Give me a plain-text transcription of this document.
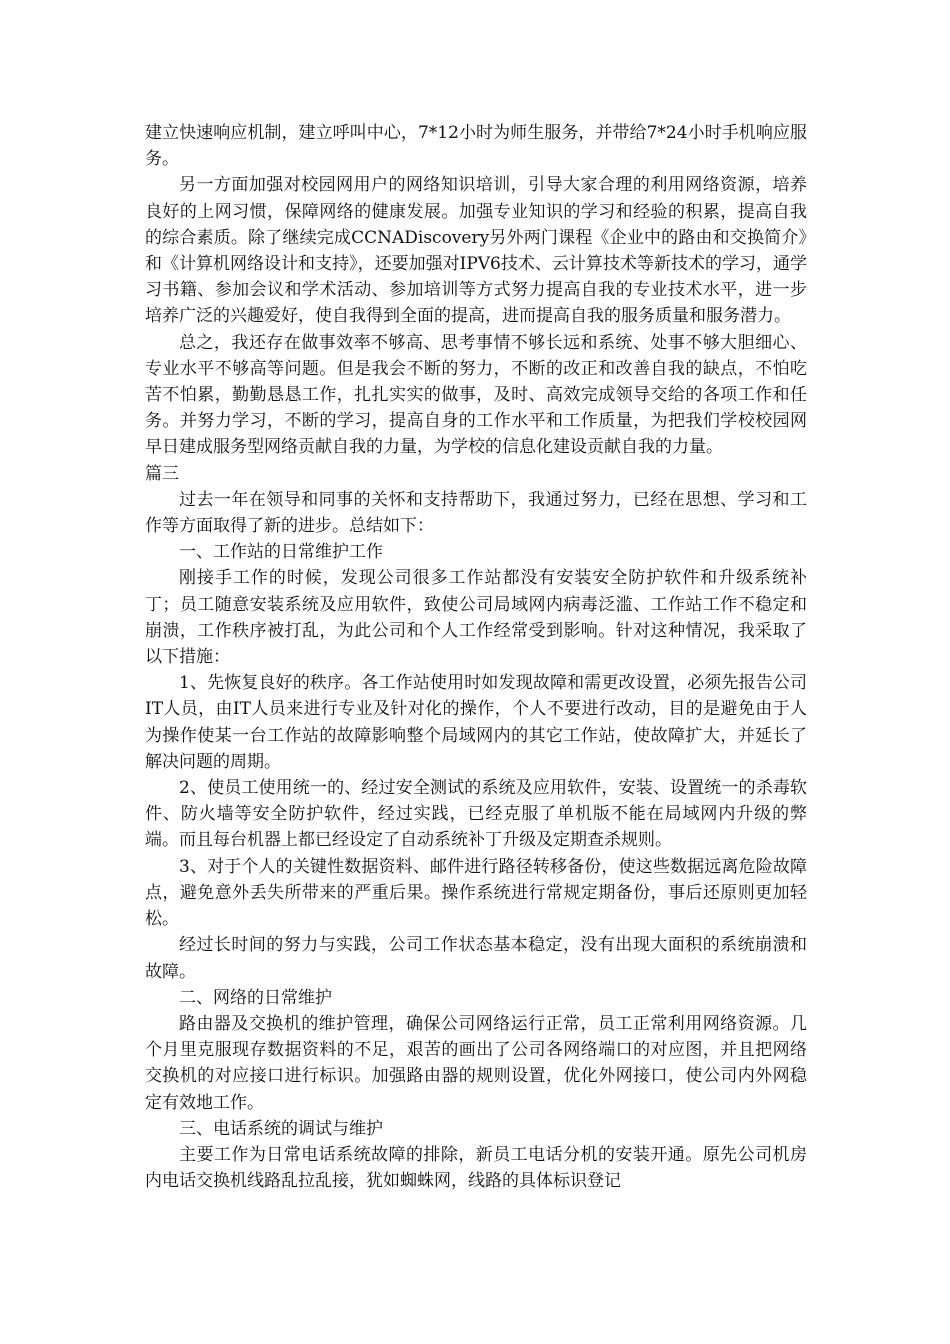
建立快速响应机制，建立呼叫中心，7*12小时为师生服务，并带给7*24小时手机响应服务。

另一方面加强对校园网用户的网络知识培训，引导大家合理的利用网络资源，培养良好的上网习惯，保障网络的健康发展。加强专业知识的学习和经验的积累，提高自我的综合素质。除了继续完成CCNADiscovery另外两门课程《企业中的路由和交换简介》和《计算机网络设计和支持》，还要加强对IPV6技术、云计算技术等新技术的学习，通学习书籍、参加会议和学术活动、参加培训等方式努力提高自我的专业技术水平，进一步培养广泛的兴趣爱好，使自我得到全面的提高，进而提高自我的服务质量和服务潜力。

总之，我还存在做事效率不够高、思考事情不够长远和系统、处事不够大胆细心、专业水平不够高等问题。但是我会不断的努力，不断的改正和改善自我的缺点，不怕吃苦不怕累，勤勤恳恳工作，扎扎实实的做事，及时、高效完成领导交给的各项工作和任务。并努力学习，不断的学习，提高自身的工作水平和工作质量，为把我们学校校园网早日建成服务型网络贡献自我的力量，为学校的信息化建设贡献自我的力量。

篇三

过去一年在领导和同事的关怀和支持帮助下，我通过努力，已经在思想、学习和工作等方面取得了新的进步。总结如下：

一、工作站的日常维护工作

刚接手工作的时候，发现公司很多工作站都没有安装安全防护软件和升级系统补丁；员工随意安装系统及应用软件，致使公司局域网内病毒泛滥、工作站工作不稳定和崩溃，工作秩序被打乱，为此公司和个人工作经常受到影响。针对这种情况，我采取了以下措施：

1、先恢复良好的秩序。各工作站使用时如发现故障和需更改设置，必须先报告公司IT人员，由IT人员来进行专业及针对化的操作，个人不要进行改动，目的是避免由于人为操作使某一台工作站的故障影响整个局域网内的其它工作站，使故障扩大，并延长了解决问题的周期。

2、使员工使用统一的、经过安全测试的系统及应用软件，安装、设置统一的杀毒软件、防火墙等安全防护软件，经过实践，已经克服了单机版不能在局域网内升级的弊端。而且每台机器上都已经设定了自动系统补丁升级及定期查杀规则。

3、对于个人的关键性数据资料、邮件进行路径转移备份，使这些数据远离危险故障点，避免意外丢失所带来的严重后果。操作系统进行常规定期备份，事后还原则更加轻松。

经过长时间的努力与实践，公司工作状态基本稳定，没有出现大面积的系统崩溃和故障。

二、网络的日常维护

路由器及交换机的维护管理，确保公司网络运行正常，员工正常利用网络资源。几个月里克服现存数据资料的不足，艰苦的画出了公司各网络端口的对应图，并且把网络交换机的对应接口进行标识。加强路由器的规则设置，优化外网接口，使公司内外网稳定有效地工作。

三、电话系统的调试与维护

主要工作为日常电话系统故障的排除，新员工电话分机的安装开通。原先公司机房内电话交换机线路乱拉乱接，犹如蜘蛛网，线路的具体标识登记
